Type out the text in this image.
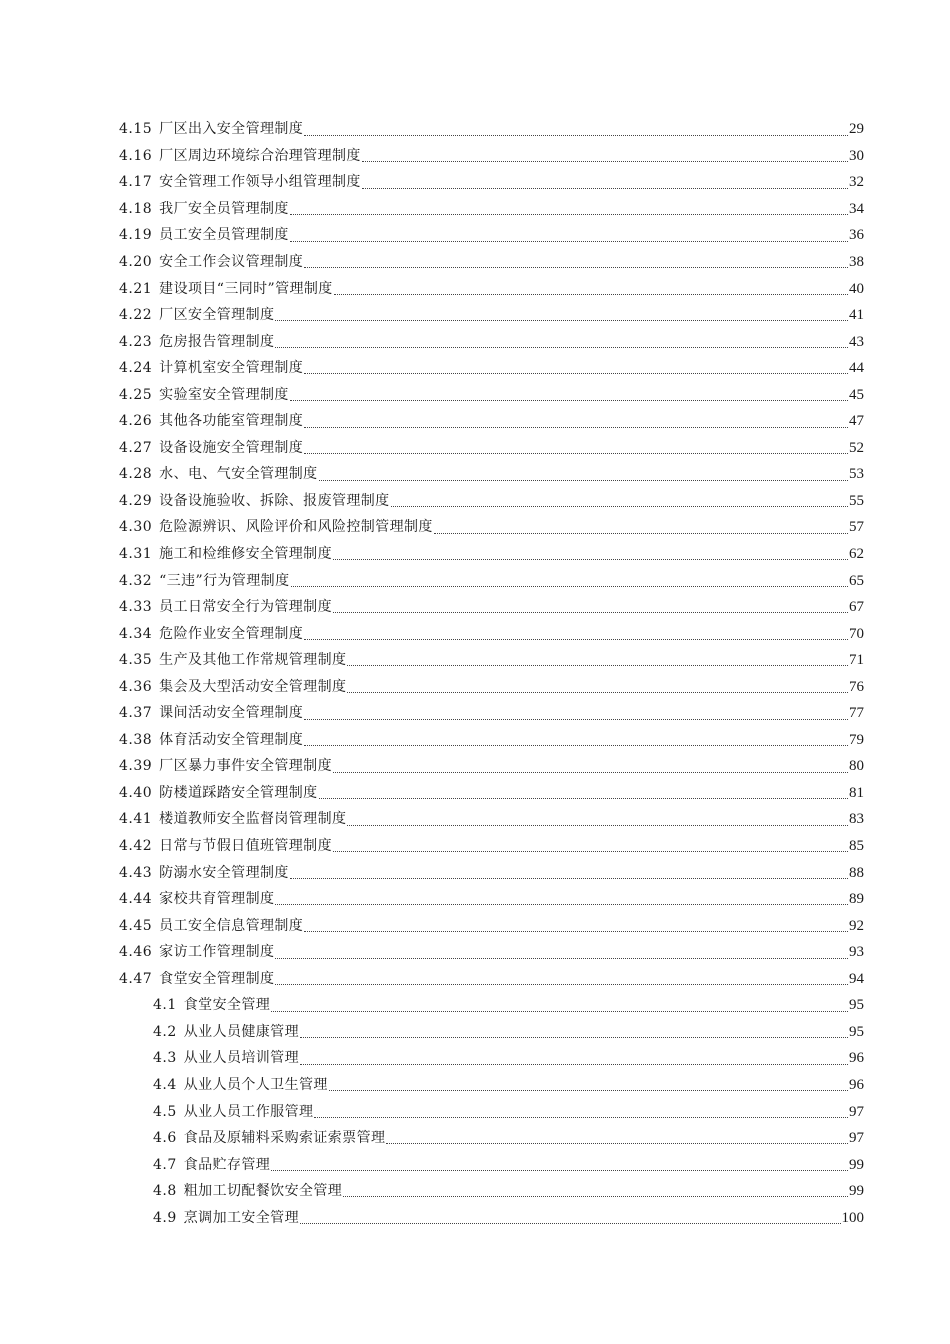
4.15 厂区出入安全管理制度	29
4.16 厂区周边环境综合治理管理制度	30
4.17 安全管理工作领导小组管理制度	32
4.18 我厂安全员管理制度	34
4.19 员工安全员管理制度	36
4.20 安全工作会议管理制度	38
4.21 建设项目“三同时”管理制度	40
4.22 厂区安全管理制度	41
4.23 危房报告管理制度	43
4.24 计算机室安全管理制度	44
4.25 实验室安全管理制度	45
4.26 其他各功能室管理制度	47
4.27 设备设施安全管理制度	52
4.28 水、电、气安全管理制度	53
4.29 设备设施验收、拆除、报废管理制度	55
4.30 危险源辨识、风险评价和风险控制管理制度	57
4.31 施工和检维修安全管理制度	62
4.32 “三违”行为管理制度	65
4.33 员工日常安全行为管理制度	67
4.34 危险作业安全管理制度	70
4.35 生产及其他工作常规管理制度	71
4.36 集会及大型活动安全管理制度	76
4.37 课间活动安全管理制度	77
4.38 体育活动安全管理制度	79
4.39 厂区暴力事件安全管理制度	80
4.40 防楼道踩踏安全管理制度	81
4.41 楼道教师安全监督岗管理制度	83
4.42 日常与节假日值班管理制度	85
4.43 防溺水安全管理制度	88
4.44 家校共育管理制度	89
4.45 员工安全信息管理制度	92
4.46 家访工作管理制度	93
4.47 食堂安全管理制度	94
4.1 食堂安全管理	95
4.2 从业人员健康管理	95
4.3 从业人员培训管理	96
4.4 从业人员个人卫生管理	96
4.5 从业人员工作服管理	97
4.6 食品及原辅料采购索证索票管理	97
4.7 食品贮存管理	99
4.8 粗加工切配餐饮安全管理	99
4.9 烹调加工安全管理	100
